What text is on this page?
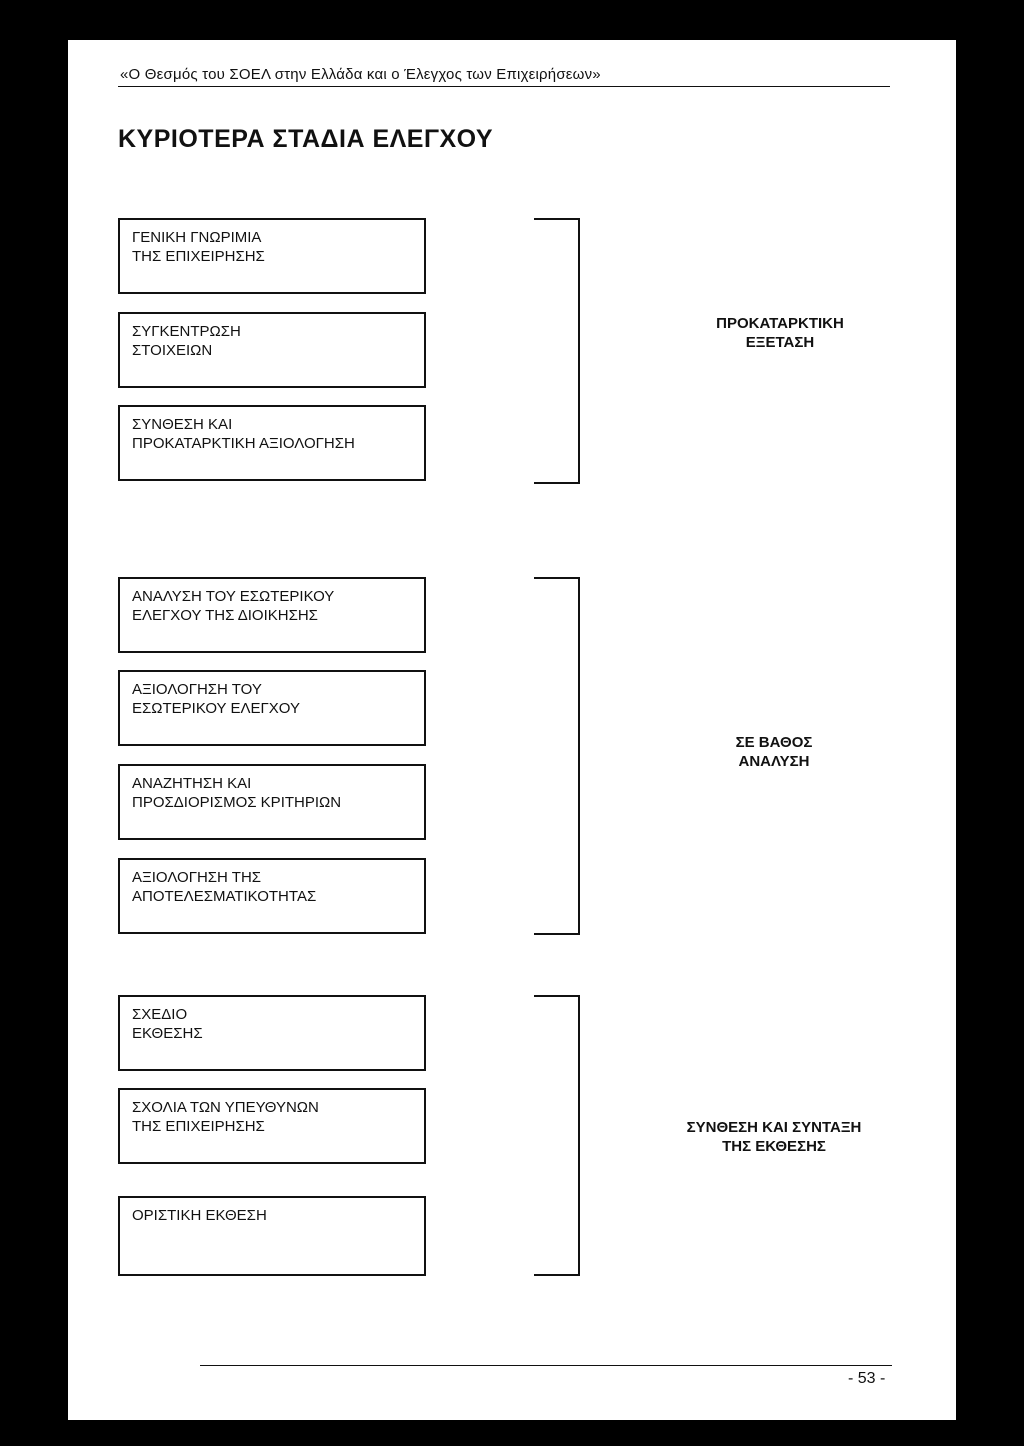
«Ο Θεσμός του ΣΟΕΛ στην Ελλάδα και ο Έλεγχος των Επιχειρήσεων»
ΚΥΡΙΟΤΕΡΑ ΣΤΑΔΙΑ ΕΛΕΓΧΟΥ
ΓΕΝΙΚΗ ΓΝΩΡΙΜΙΑ
ΤΗΣ ΕΠΙΧΕΙΡΗΣΗΣ
ΣΥΓΚΕΝΤΡΩΣΗ
ΣΤΟΙΧΕΙΩΝ
ΣΥΝΘΕΣΗ ΚΑΙ
ΠΡΟΚΑΤΑΡΚΤΙΚΗ ΑΞΙΟΛΟΓΗΣΗ
ΠΡΟΚΑΤΑΡΚΤΙΚΗ
ΕΞΕΤΑΣΗ
ΑΝΑΛΥΣΗ ΤΟΥ ΕΣΩΤΕΡΙΚΟΥ
ΕΛΕΓΧΟΥ ΤΗΣ ΔΙΟΙΚΗΣΗΣ
ΑΞΙΟΛΟΓΗΣΗ ΤΟΥ
ΕΣΩΤΕΡΙΚΟΥ ΕΛΕΓΧΟΥ
ΑΝΑΖΗΤΗΣΗ ΚΑΙ
ΠΡΟΣΔΙΟΡΙΣΜΟΣ ΚΡΙΤΗΡΙΩΝ
ΑΞΙΟΛΟΓΗΣΗ ΤΗΣ
ΑΠΟΤΕΛΕΣΜΑΤΙΚΟΤΗΤΑΣ
ΣΕ ΒΑΘΟΣ
ΑΝΑΛΥΣΗ
ΣΧΕΔΙΟ
ΕΚΘΕΣΗΣ
ΣΧΟΛΙΑ ΤΩΝ ΥΠΕΥΘΥΝΩΝ
ΤΗΣ ΕΠΙΧΕΙΡΗΣΗΣ
ΟΡΙΣΤΙΚΗ ΕΚΘΕΣΗ
ΣΥΝΘΕΣΗ ΚΑΙ ΣΥΝΤΑΞΗ
ΤΗΣ ΕΚΘΕΣΗΣ
- 53 -
